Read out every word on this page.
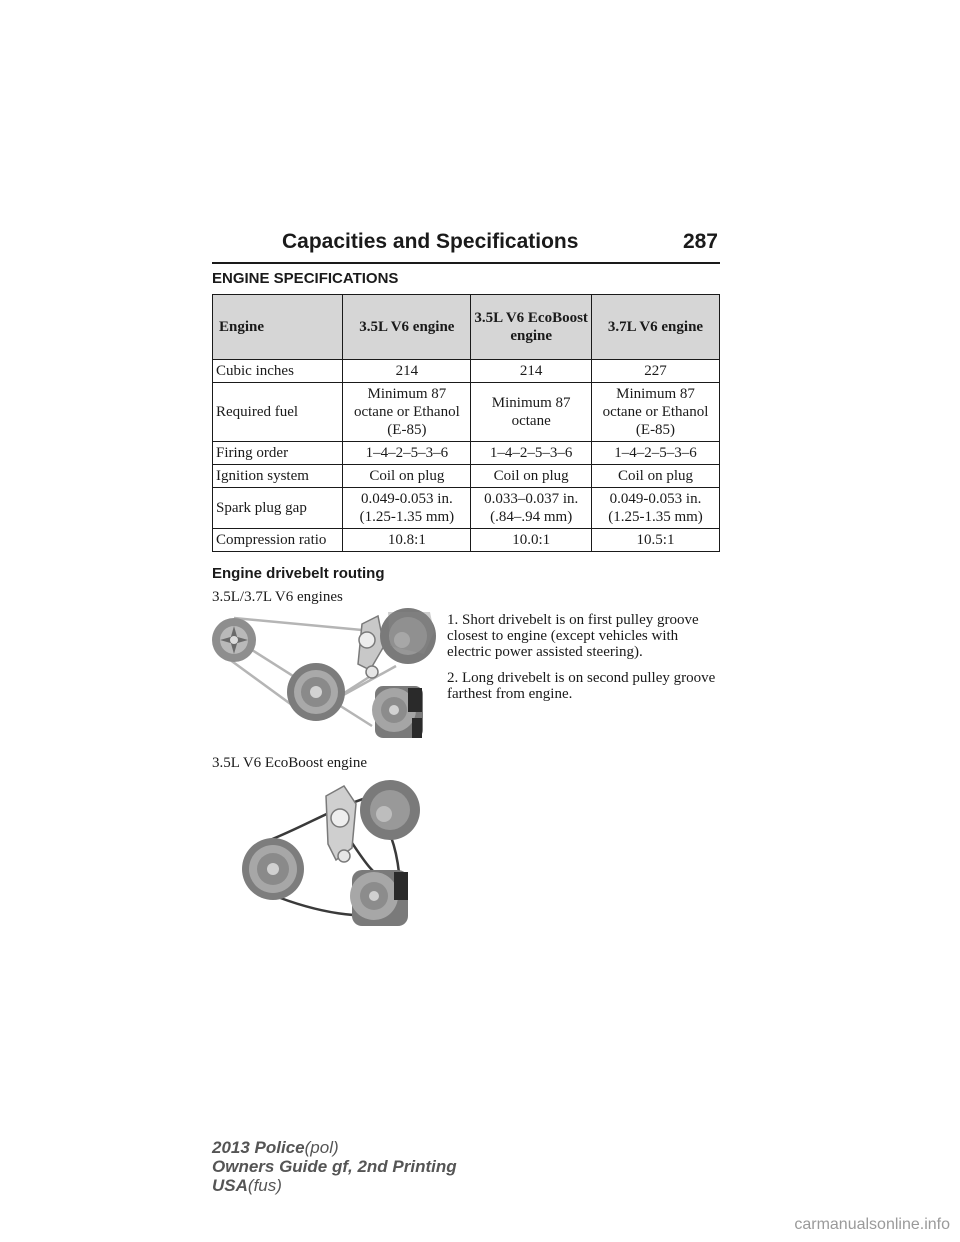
Capacities and Specifications	287
ENGINE SPECIFICATIONS
Engine	3.5L V6 engine	3.5L V6 EcoBoost engine	3.7L V6 engine
Cubic inches	214	214	227
Required fuel	Minimum 87 octane or Ethanol (E-85)	Minimum 87 octane	Minimum 87 octane or Ethanol (E-85)
Firing order	1–4–2–5–3–6	1–4–2–5–3–6	1–4–2–5–3–6
Ignition system	Coil on plug	Coil on plug	Coil on plug
Spark plug gap	0.049-0.053 in. (1.25-1.35 mm)	0.033–0.037 in. (.84–.94 mm)	0.049-0.053 in. (1.25-1.35 mm)
Compression ratio	10.8:1	10.0:1	10.5:1
Engine drivebelt routing
3.5L/3.7L V6 engines

1. Short drivebelt is on first pulley groove closest to engine (except vehicles with electric power assisted steering).

2. Long drivebelt is on second pulley groove farthest from engine.

3.5L V6 EcoBoost engine
2013 Police(pol)
Owners Guide gf, 2nd Printing
USA(fus)
carmanualsonline.info
